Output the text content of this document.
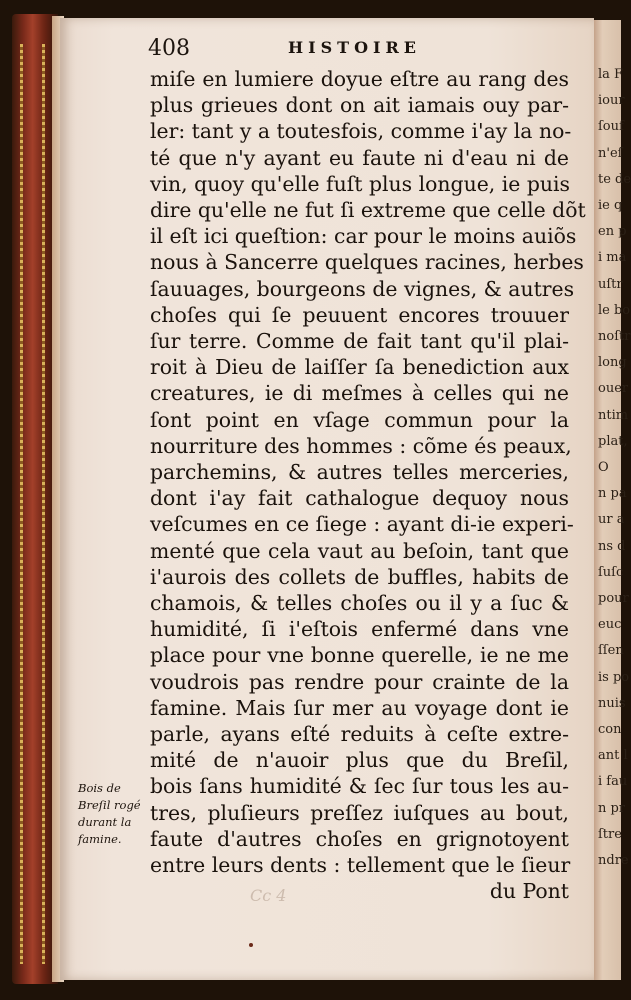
la F
iour
ſouf
n'eſ
te de
ie q
en p
i ma
uſtr
le bo
noſtr
long
ouer
ntim
plat,
O
n pa
ur a
ns d
ſuſc
pour
euc
ſſen
is po
nuis
con
ant l
i fau
n pr
ſtre
ndre
408	HISTOIRE
miſe en lumiere doyue eſtre au rang des
plus grieues dont on ait iamais ouy par-
ler: tant y a toutesfois, comme i'ay la no-
té que n'y ayant eu faute ni d'eau ni de
vin, quoy qu'elle fuſt plus longue, ie puis
dire qu'elle ne fut ſi extreme que celle dõt
il eſt ici queſtion: car pour le moins auiõs
nous à Sancerre quelques racines, herbes
ſauuages, bourgeons de vignes, & autres
choſes qui ſe peuuent encores trouuer
ſur terre. Comme de fait tant qu'il plai-
roit à Dieu de laiſſer ſa benediction aux
creatures, ie di meſmes à celles qui ne
ſont point en vſage commun pour la
nourriture des hommes : cõme és peaux,
parchemins, & autres telles merceries,
dont i'ay fait cathalogue dequoy nous
veſcumes en ce ſiege : ayant di-ie experi-
menté que cela vaut au beſoin, tant que
i'aurois des collets de buffles, habits de
chamois, & telles choſes ou il y a ſuc &
humidité, ſi i'eſtois enfermé dans vne
place pour vne bonne querelle, ie ne me
voudrois pas rendre pour crainte de la
famine. Mais ſur mer au voyage dont ie
parle, ayans eſté reduits à ceſte extre-
mité de n'auoir plus que du Breſil,
bois ſans humidité & ſec ſur tous les au-
tres, pluſieurs preſſez iuſques au bout,
faute d'autres choſes en grignotoyent
entre leurs dents : tellement que le ſieur
du Pont
Bois de
Breſil rogé
durant la
famine.
Cc 4
